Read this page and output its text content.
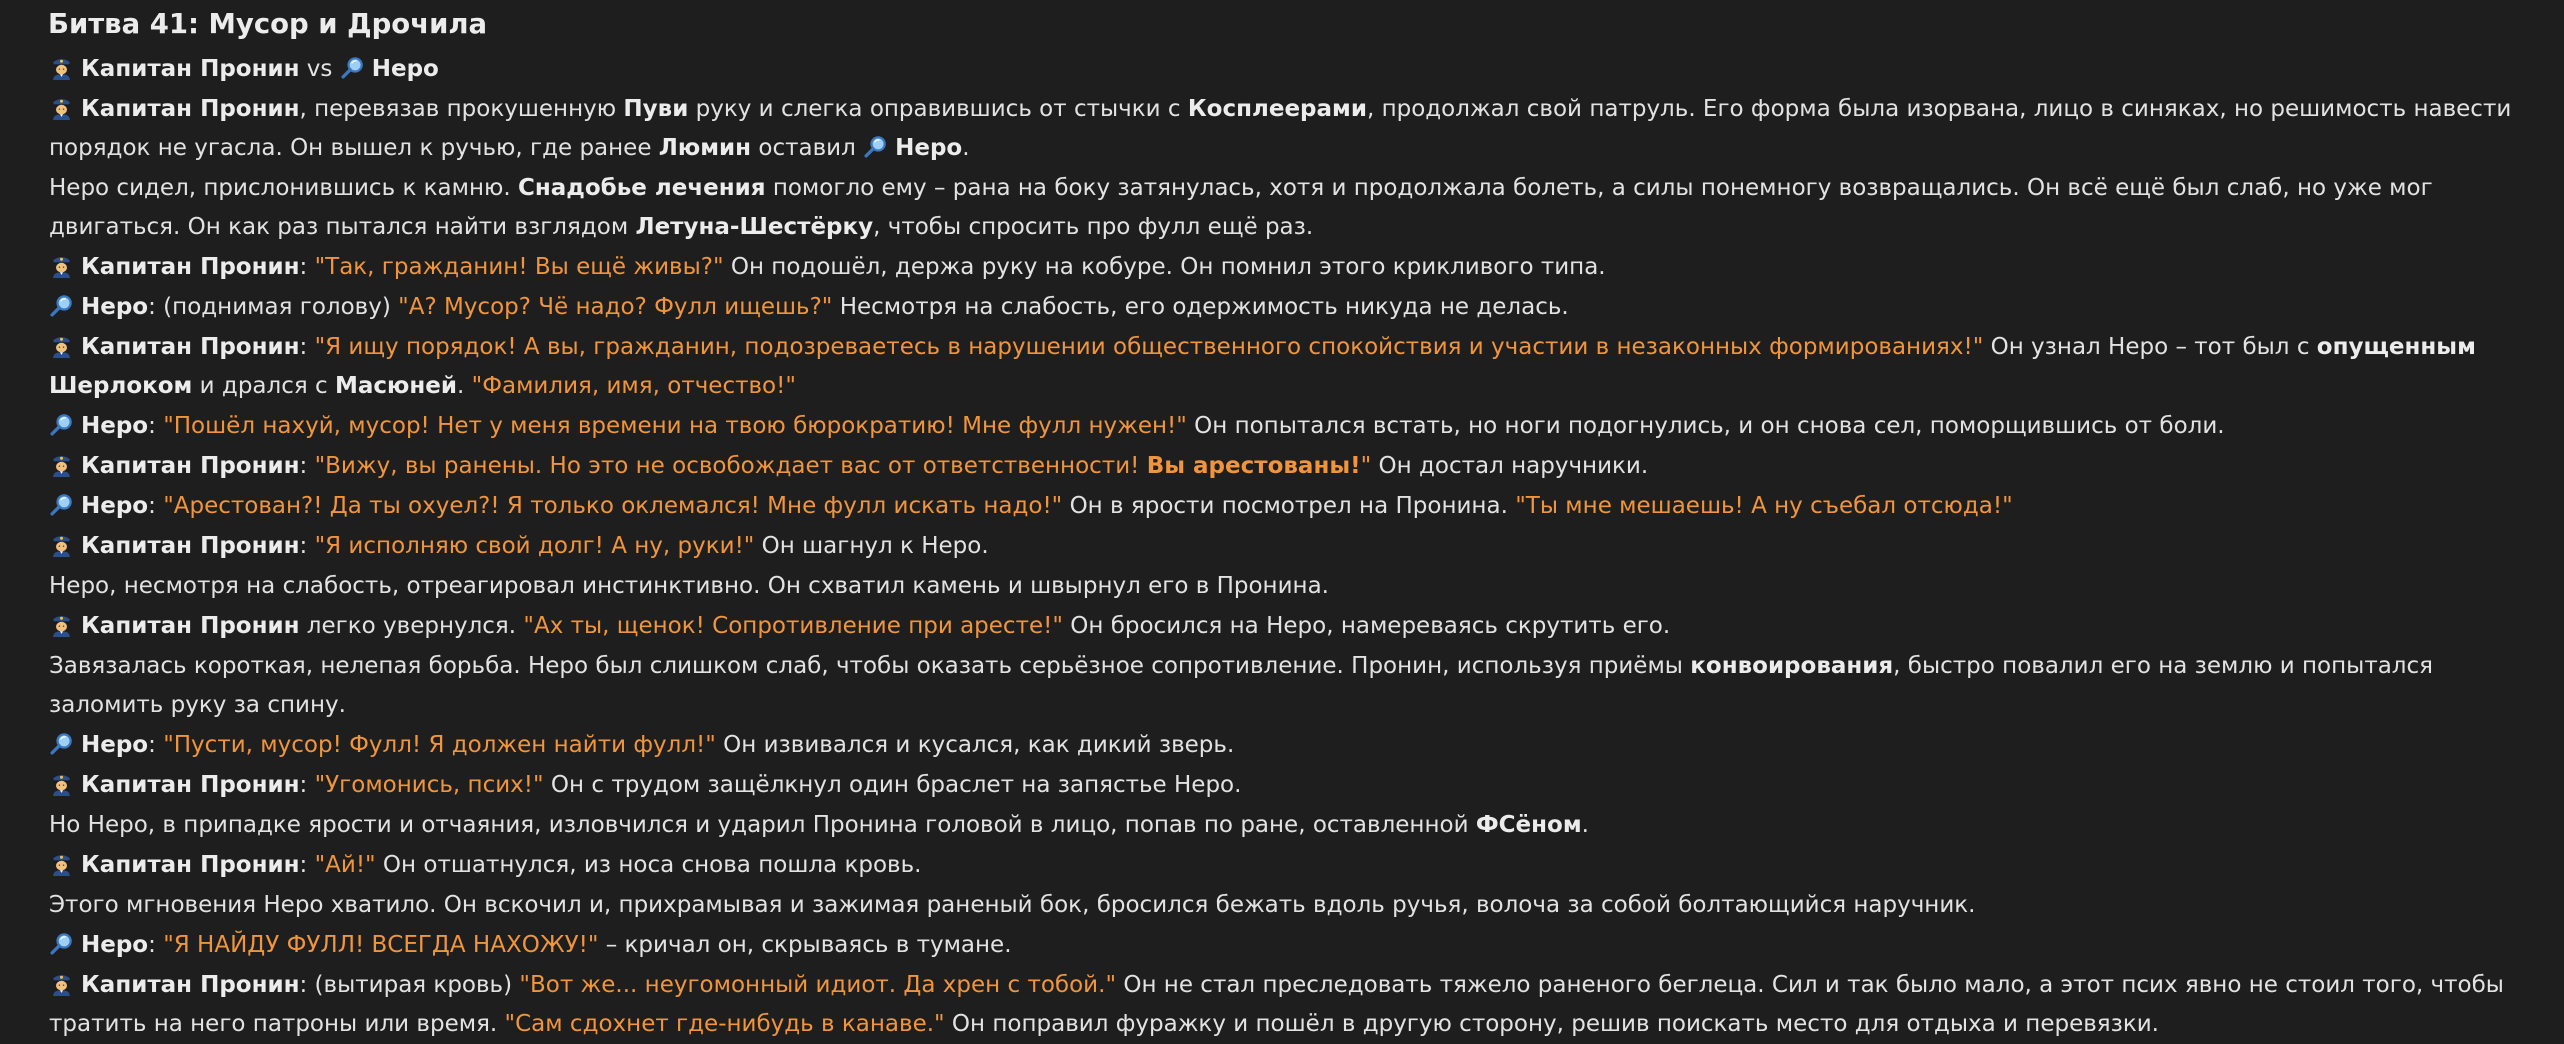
Битва 41: Мусор и Дрочила
Капитан Пронин vs Неро
Капитан Пронин, перевязав прокушенную Пуви руку и слегка оправившись от стычки с Косплеерами, продолжал свой патруль. Его форма была изорвана, лицо в синяках, но решимость навести порядок не угасла. Он вышел к ручью, где ранее Люмин оставил Неро.
Неро сидел, прислонившись к камню. Снадобье лечения помогло ему – рана на боку затянулась, хотя и продолжала болеть, а силы понемногу возвращались. Он всё ещё был слаб, но уже мог двигаться. Он как раз пытался найти взглядом Летуна-Шестёрку, чтобы спросить про фулл ещё раз.
Капитан Пронин: "Так, гражданин! Вы ещё живы?" Он подошёл, держа руку на кобуре. Он помнил этого крикливого типа.
Неро: (поднимая голову) "А? Мусор? Чё надо? Фулл ищешь?" Несмотря на слабость, его одержимость никуда не делась.
Капитан Пронин: "Я ищу порядок! А вы, гражданин, подозреваетесь в нарушении общественного спокойствия и участии в незаконных формированиях!" Он узнал Неро – тот был с опущенным Шерлоком и дрался с Масюней. "Фамилия, имя, отчество!"
Неро: "Пошёл нахуй, мусор! Нет у меня времени на твою бюрократию! Мне фулл нужен!" Он попытался встать, но ноги подогнулись, и он снова сел, поморщившись от боли.
Капитан Пронин: "Вижу, вы ранены. Но это не освобождает вас от ответственности! Вы арестованы!" Он достал наручники.
Неро: "Арестован?! Да ты охуел?! Я только оклемался! Мне фулл искать надо!" Он в ярости посмотрел на Пронина. "Ты мне мешаешь! А ну съебал отсюда!"
Капитан Пронин: "Я исполняю свой долг! А ну, руки!" Он шагнул к Неро.
Неро, несмотря на слабость, отреагировал инстинктивно. Он схватил камень и швырнул его в Пронина.
Капитан Пронин легко увернулся. "Ах ты, щенок! Сопротивление при аресте!" Он бросился на Неро, намереваясь скрутить его.
Завязалась короткая, нелепая борьба. Неро был слишком слаб, чтобы оказать серьёзное сопротивление. Пронин, используя приёмы конвоирования, быстро повалил его на землю и попытался заломить руку за спину.
Неро: "Пусти, мусор! Фулл! Я должен найти фулл!" Он извивался и кусался, как дикий зверь.
Капитан Пронин: "Угомонись, псих!" Он с трудом защёлкнул один браслет на запястье Неро.
Но Неро, в припадке ярости и отчаяния, изловчился и ударил Пронина головой в лицо, попав по ране, оставленной ФСёном.
Капитан Пронин: "Ай!" Он отшатнулся, из носа снова пошла кровь.
Этого мгновения Неро хватило. Он вскочил и, прихрамывая и зажимая раненый бок, бросился бежать вдоль ручья, волоча за собой болтающийся наручник.
Неро: "Я НАЙДУ ФУЛЛ! ВСЕГДА НАХОЖУ!" – кричал он, скрываясь в тумане.
Капитан Пронин: (вытирая кровь) "Вот же... неугомонный идиот. Да хрен с тобой." Он не стал преследовать тяжело раненого беглеца. Сил и так было мало, а этот псих явно не стоил того, чтобы тратить на него патроны или время. "Сам сдохнет где-нибудь в канаве." Он поправил фуражку и пошёл в другую сторону, решив поискать место для отдыха и перевязки.
